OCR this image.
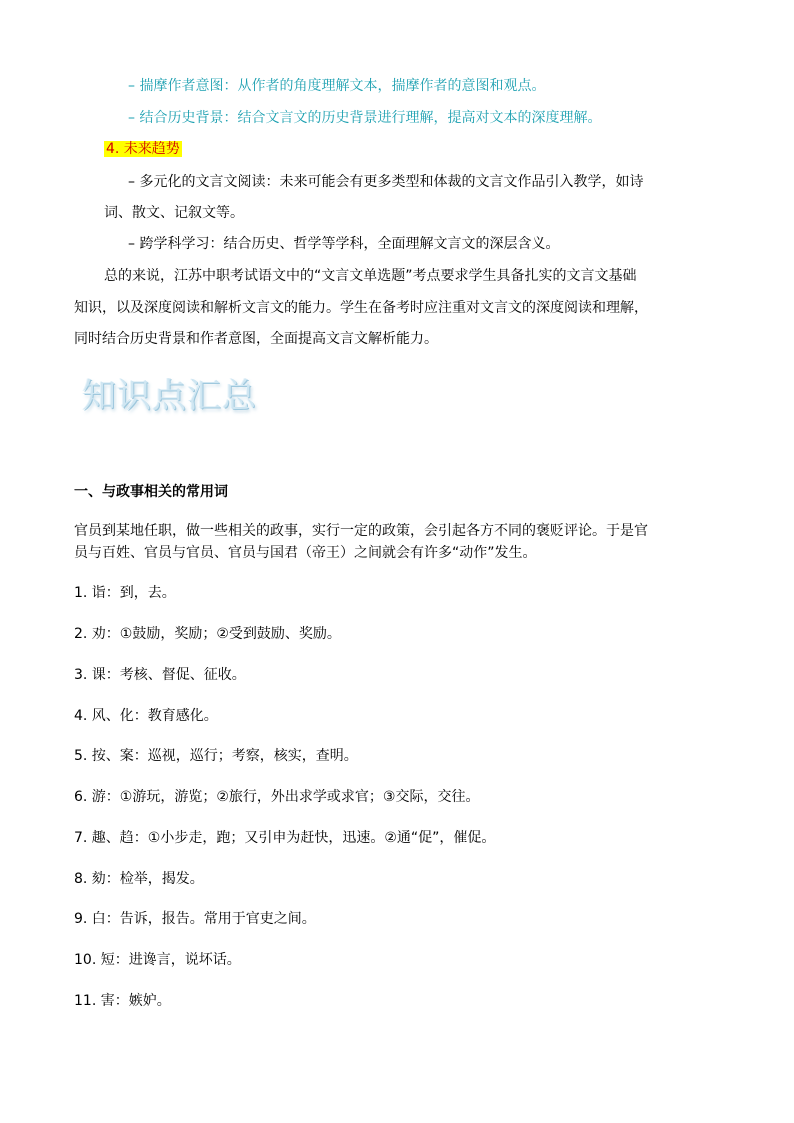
– 揣摩作者意图：从作者的角度理解文本，揣摩作者的意图和观点。
– 结合历史背景：结合文言文的历史背景进行理解，提高对文本的深度理解。
4. 未来趋势
– 多元化的文言文阅读：未来可能会有更多类型和体裁的文言文作品引入教学，如诗
词、散文、记叙文等。
– 跨学科学习：结合历史、哲学等学科，全面理解文言文的深层含义。
总的来说，江苏中职考试语文中的“文言文单选题”考点要求学生具备扎实的文言文基础
知识，以及深度阅读和解析文言文的能力。学生在备考时应注重对文言文的深度阅读和理解，
同时结合历史背景和作者意图，全面提高文言文解析能力。
知识点汇总
一、与政事相关的常用词
官员到某地任职，做一些相关的政事，实行一定的政策，会引起各方不同的褒贬评论。于是官
员与百姓、官员与官员、官员与国君（帝王）之间就会有许多“动作”发生。
1. 诣：到，去。
2. 劝：①鼓励，奖励；②受到鼓励、奖励。
3. 课：考核、督促、征收。
4. 风、化：教育感化。
5. 按、案：巡视，巡行；考察，核实，查明。
6. 游：①游玩，游览；②旅行，外出求学或求官；③交际，交往。
7. 趣、趋：①小步走，跑；又引申为赶快，迅速。②通“促”，催促。
8. 劾：检举，揭发。
9. 白：告诉，报告。常用于官吏之间。
10. 短：进谗言，说坏话。
11. 害：嫉妒。
